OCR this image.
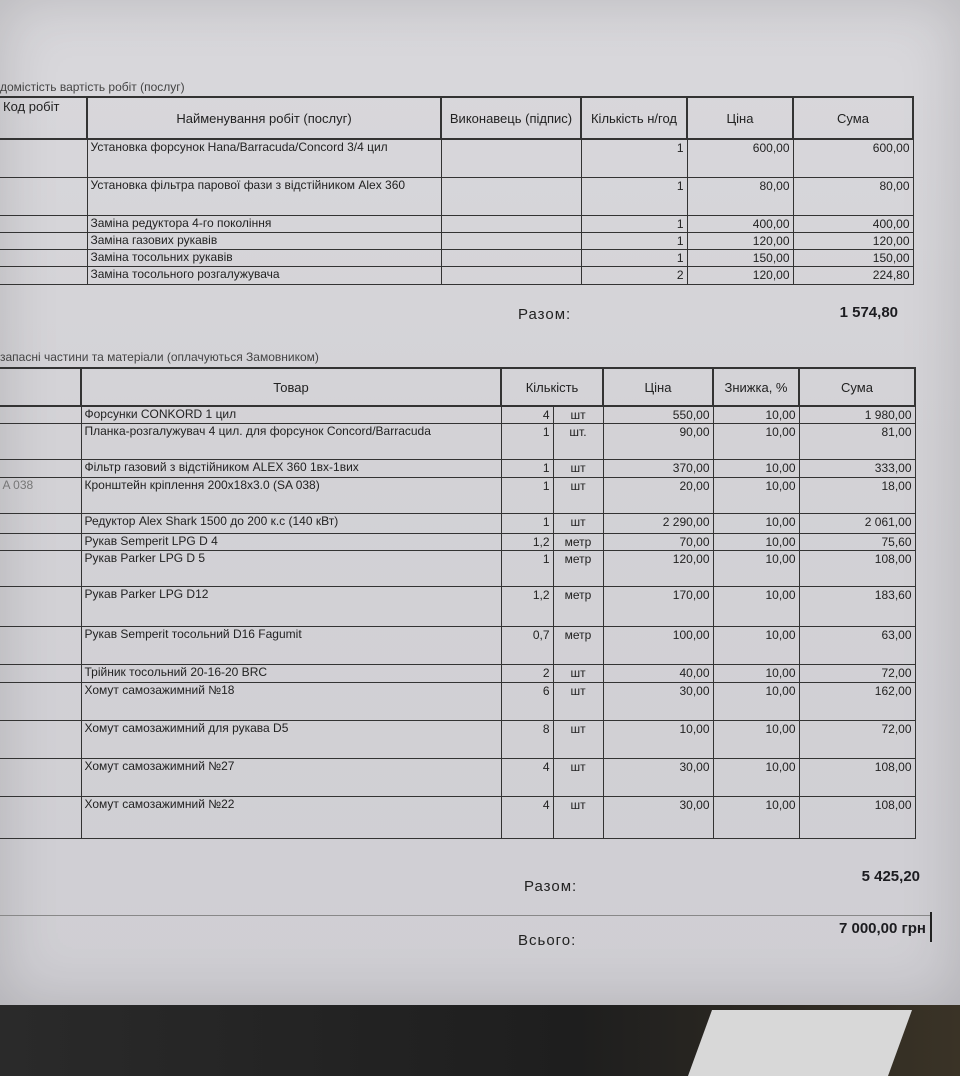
домістість вартість робіт (послуг)
Код робіт	Найменування робіт (послуг)	Виконавець (підпис)	Кількість н/год	Ціна	Сума
	Установка форсунок Hana/Barracuda/Concord 3/4 цил		1	600,00	600,00
	Установка фільтра парової фази з відстійником Alex 360		1	80,00	80,00
	Заміна редуктора 4-го покоління		1	400,00	400,00
	Заміна газових рукавів		1	120,00	120,00
	Заміна тосольних рукавів		1	150,00	150,00
	Заміна тосольного розгалужувача		2	120,00	224,80
Разом:	1 574,80
запасні частини та матеріали (оплачуються Замовником)
	Товар	Кількість		Ціна	Знижка, %	Сума
	Форсунки CONKORD 1 цил	4	шт	550,00	10,00	1 980,00
	Планка-розгалужувач 4 цил. для форсунок Concord/Barracuda	1	шт.	90,00	10,00	81,00
	Фільтр газовий з відстійником ALEX 360 1вх-1вих	1	шт	370,00	10,00	333,00
A 038	Кронштейн кріплення 200х18х3.0 (SA 038)	1	шт	20,00	10,00	18,00
	Редуктор Alex Shark 1500 до 200 к.с (140 кВт)	1	шт	2 290,00	10,00	2 061,00
	Рукав Semperit LPG D 4	1,2	метр	70,00	10,00	75,60
	Рукав Parker LPG D 5	1	метр	120,00	10,00	108,00
	Рукав Parker LPG D12	1,2	метр	170,00	10,00	183,60
	Рукав Semperit тосольний D16 Fagumit	0,7	метр	100,00	10,00	63,00
	Трійник тосольний 20-16-20 BRC	2	шт	40,00	10,00	72,00
	Хомут самозажимний №18	6	шт	30,00	10,00	162,00
	Хомут самозажимний для рукава D5	8	шт	10,00	10,00	72,00
	Хомут самозажимний №27	4	шт	30,00	10,00	108,00
	Хомут самозажимний №22	4	шт	30,00	10,00	108,00
Разом:
5 425,20
Всього:
7 000,00 грн
